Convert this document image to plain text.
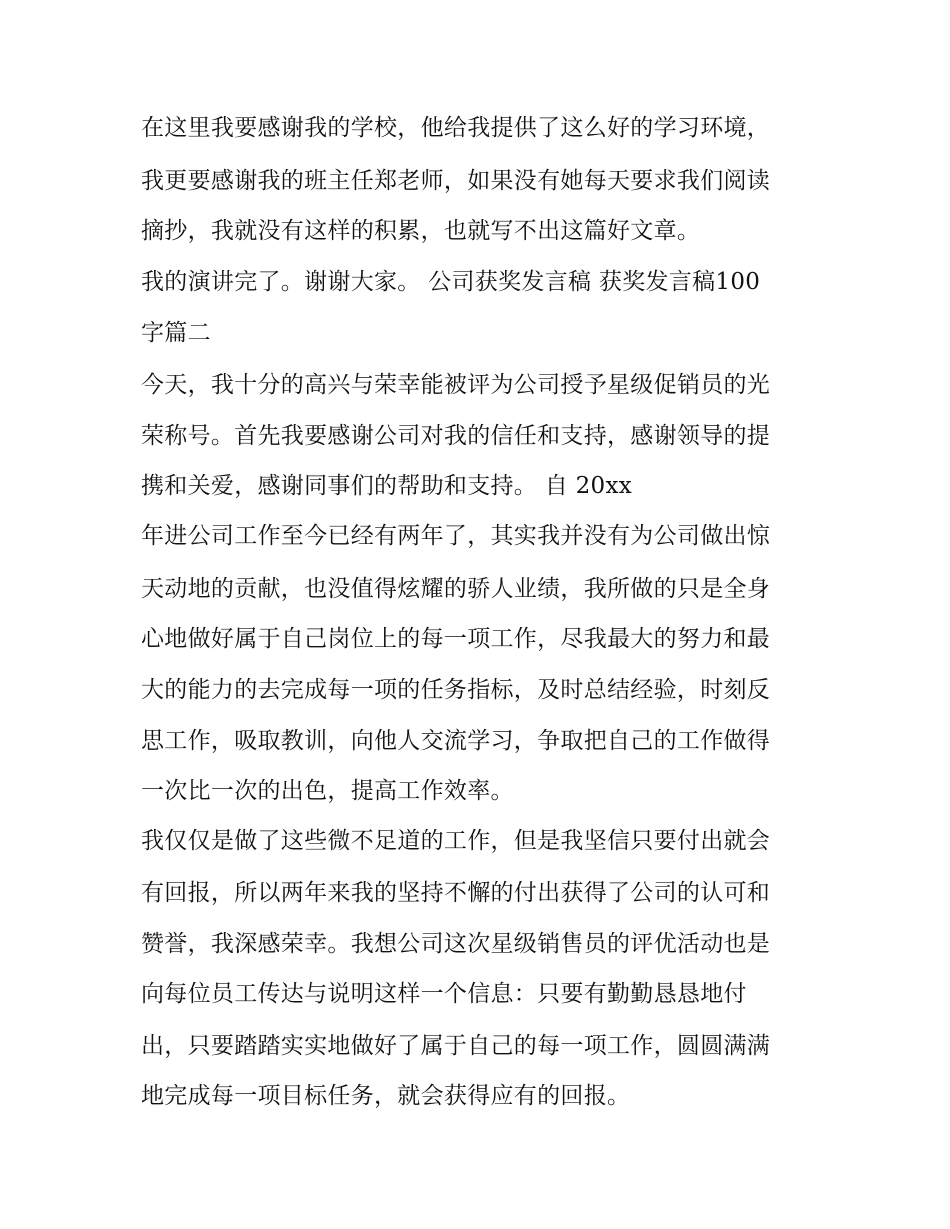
在这里我要感谢我的学校，他给我提供了这么好的学习环境，
我更要感谢我的班主任郑老师，如果没有她每天要求我们阅读
摘抄，我就没有这样的积累，也就写不出这篇好文章。
我的演讲完了。谢谢大家。 公司获奖发言稿 获奖发言稿100
字篇二
今天，我十分的高兴与荣幸能被评为公司授予星级促销员的光
荣称号。首先我要感谢公司对我的信任和支持，感谢领导的提
携和关爱，感谢同事们的帮助和支持。 自 20xx
年进公司工作至今已经有两年了，其实我并没有为公司做出惊
天动地的贡献，也没值得炫耀的骄人业绩，我所做的只是全身
心地做好属于自己岗位上的每一项工作，尽我最大的努力和最
大的能力的去完成每一项的任务指标，及时总结经验，时刻反
思工作，吸取教训，向他人交流学习，争取把自己的工作做得
一次比一次的出色，提高工作效率。
我仅仅是做了这些微不足道的工作，但是我坚信只要付出就会
有回报，所以两年来我的坚持不懈的付出获得了公司的认可和
赞誉，我深感荣幸。我想公司这次星级销售员的评优活动也是
向每位员工传达与说明这样一个信息：只要有勤勤恳恳地付
出，只要踏踏实实地做好了属于自己的每一项工作，圆圆满满
地完成每一项目标任务，就会获得应有的回报。
